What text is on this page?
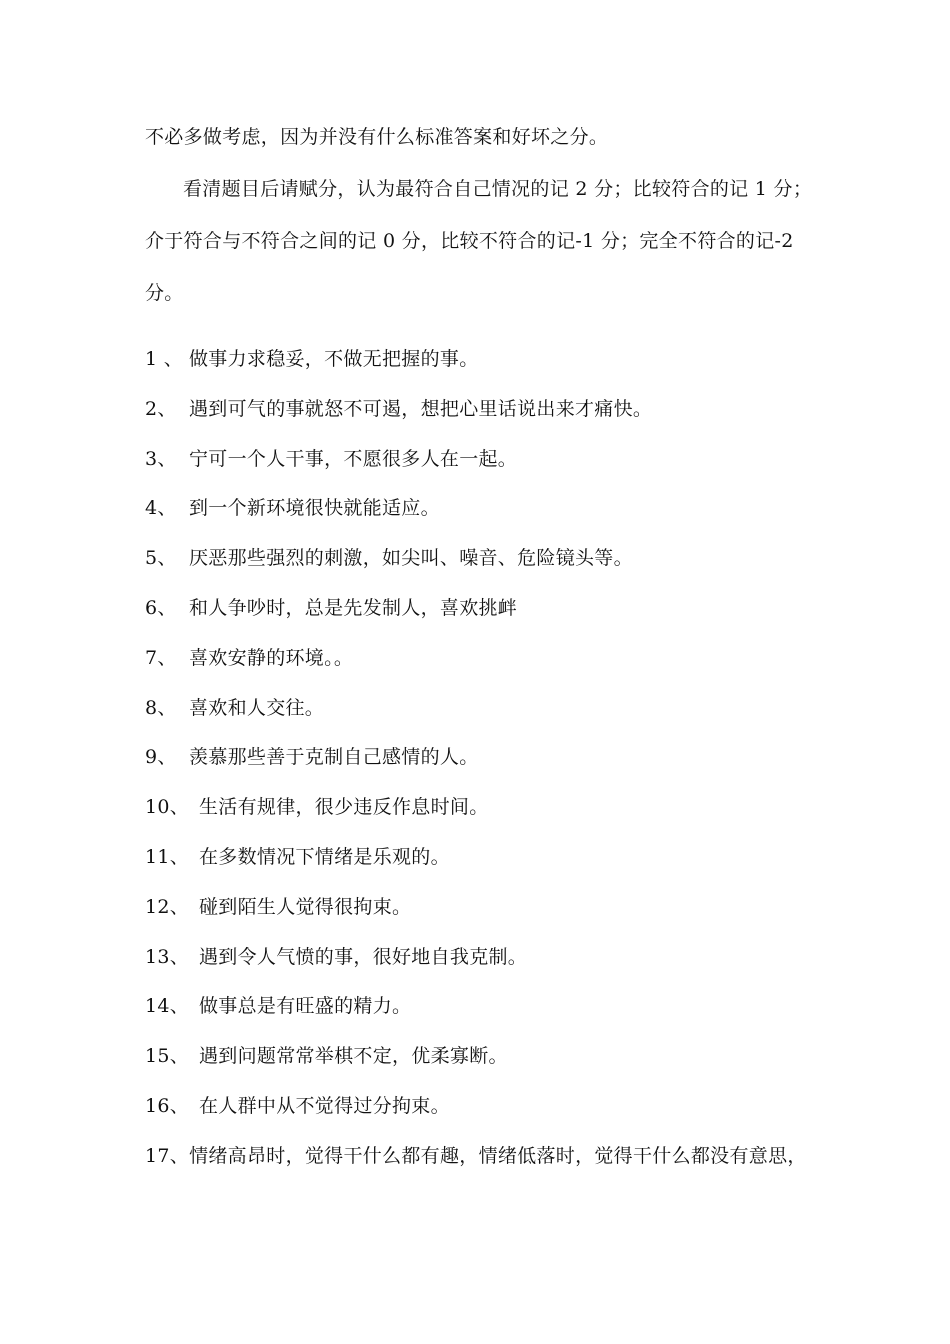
不必多做考虑，因为并没有什么标准答案和好坏之分。

看清题目后请赋分，认为最符合自己情况的记 2 分；比较符合的记 1 分；介于符合与不符合之间的记 0 分，比较不符合的记-1 分；完全不符合的记-2 分。

1 、 做事力求稳妥，不做无把握的事。
2、 遇到可气的事就怒不可遏，想把心里话说出来才痛快。
3、 宁可一个人干事，不愿很多人在一起。
4、 到一个新环境很快就能适应。
5、 厌恶那些强烈的刺激，如尖叫、噪音、危险镜头等。
6、 和人争吵时，总是先发制人，喜欢挑衅
7、 喜欢安静的环境。。
8、 喜欢和人交往。
9、 羡慕那些善于克制自己感情的人。
10、 生活有规律，很少违反作息时间。
11、 在多数情况下情绪是乐观的。
12、 碰到陌生人觉得很拘束。
13、 遇到令人气愤的事，很好地自我克制。
14、 做事总是有旺盛的精力。
15、 遇到问题常常举棋不定，优柔寡断。
16、 在人群中从不觉得过分拘束。
17、情绪高昂时，觉得干什么都有趣，情绪低落时，觉得干什么都没有意思，
